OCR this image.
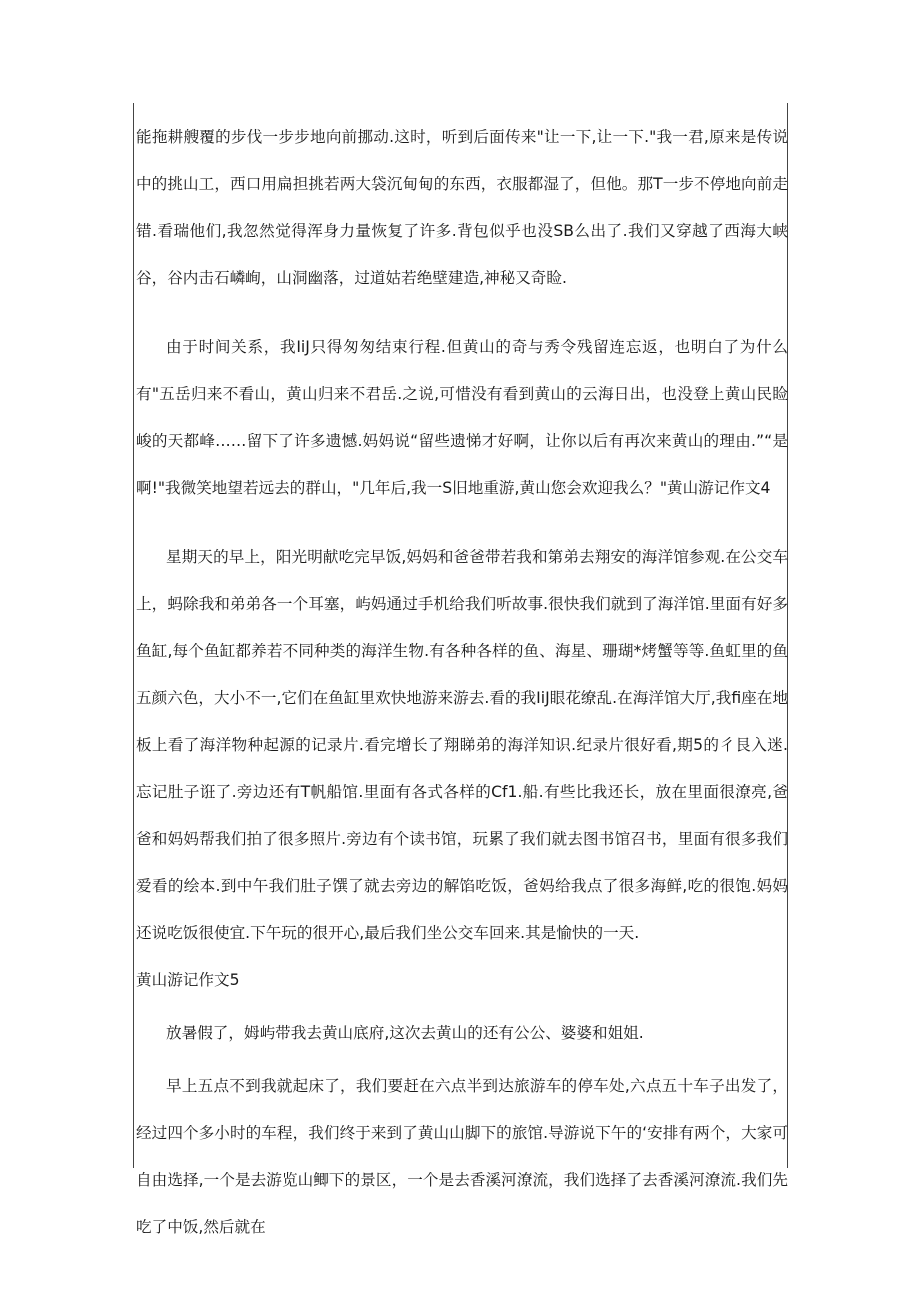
能拖耕艘覆的步伐一步步地向前挪动.这时，听到后面传来"让一下,让一下."我一君,原来是传说中的挑山工，西口用扁担挑若两大袋沉甸甸的东西，衣服都湿了，但他。那T一步不停地向前走错.看瑞他们,我忽然觉得浑身力量恢复了许多.背包似乎也没SB么出了.我们又穿越了西海大峡谷，谷内击石嶙峋，山洞幽落，过道姑若绝壁建造,神秘又奇睑.

由于时间关系，我IiJ只得匆匆结束行程.但黄山的奇与秀令残留连忘返，也明白了为什么有"五岳归来不看山，黄山归来不君岳.之说,可惜没有看到黄山的云海日出，也没登上黄山民睑峻的天都峰……留下了许多遗憾.妈妈说“留些遗悌才好啊，让你以后有再次来黄山的理由.”“是啊!"我微笑地望若远去的群山，"几年后,我一S旧地重游,黄山您会欢迎我么？"黄山游记作文4

星期天的早上，阳光明献吃完早饭,妈妈和爸爸带若我和第弟去翔安的海洋馆参观.在公交车上，蚂除我和弟弟各一个耳塞，屿妈通过手机给我们听故事.很快我们就到了海洋馆.里面有好多鱼缸,每个鱼缸都养若不同种类的海洋生物.有各种各样的鱼、海星、珊瑚*烤蟹等等.鱼虹里的鱼五颜六色，大小不一,它们在鱼缸里欢快地游来游去.看的我IiJ眼花缭乱.在海洋馆大厅,我fi座在地板上看了海洋物种起源的记录片.看完增长了翔睇弟的海洋知识.纪录片很好看,期5的彳艮入迷.忘记肚子诳了.旁边还有T帆船馆.里面有各式各样的Cf1.船.有些比我还长，放在里面很潦亮,爸爸和妈妈帮我们拍了很多照片.旁边有个读书馆，玩累了我们就去图书馆召书，里面有很多我们爱看的绘本.到中午我们肚子馔了就去旁边的解馅吃饭，爸妈给我点了很多海鲜,吃的很饱.妈妈还说吃饭很使宜.下午玩的很开心,最后我们坐公交车回来.其是愉快的一天.

黄山游记作文5

放暑假了，姆屿带我去黄山底府,这次去黄山的还有公公、婆婆和姐姐.

早上五点不到我就起床了，我们要赶在六点半到达旅游车的停车处,六点五十车子出发了，经过四个多小时的车程，我们终于来到了黄山山脚下的旅馆.导游说下午的‘安排有两个，大家可自由选择,一个是去游览山鲫下的景区，一个是去香溪河潦流，我们选择了去香溪河潦流.我们先吃了中饭,然后就在
